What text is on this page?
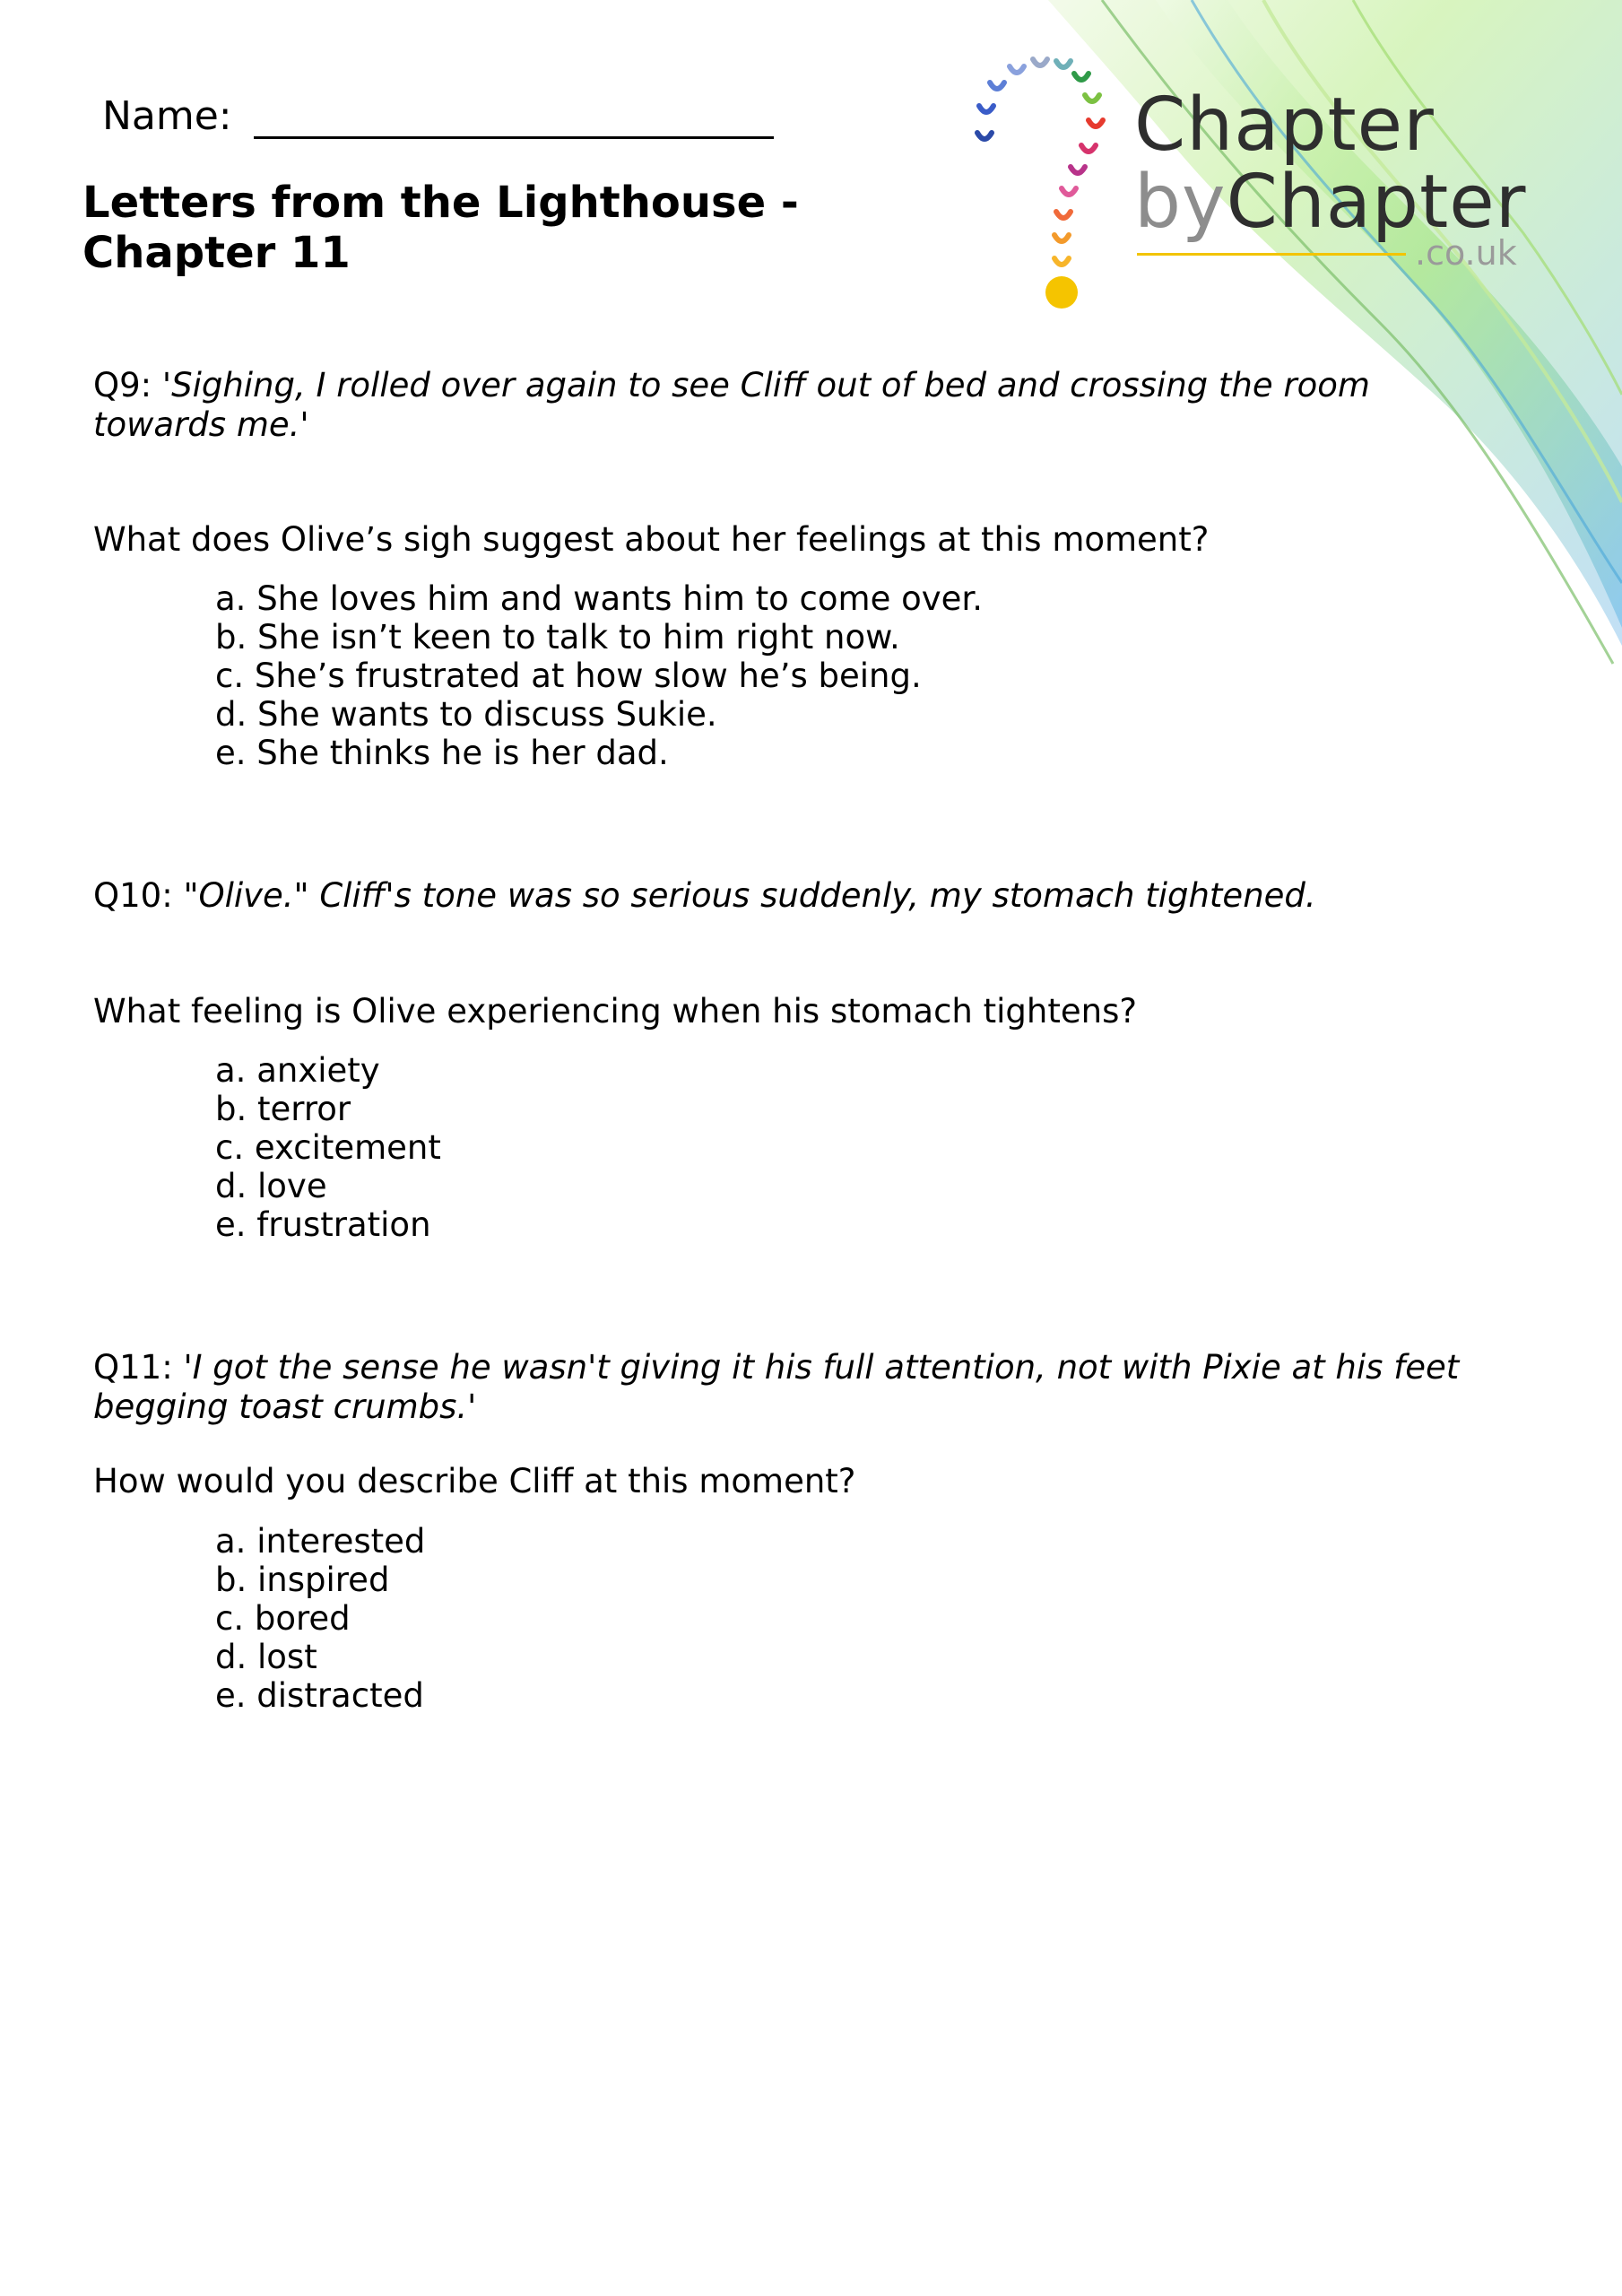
Name:
Letters from the Lighthouse -
Chapter 11
Chapter
byChapter
.co.uk
Q9: 'Sighing, I rolled over again to see Cliff out of bed and crossing the room towards me.'
What does Olive’s sigh suggest about her feelings at this moment?
a. She loves him and wants him to come over.
b. She isn’t keen to talk to him right now.
c. She’s frustrated at how slow he’s being.
d. She wants to discuss Sukie.
e. She thinks he is her dad.
Q10: "Olive." Cliff's tone was so serious suddenly, my stomach tightened.
What feeling is Olive experiencing when his stomach tightens?
a. anxiety
b. terror
c. excitement
d. love
e. frustration
Q11: 'I got the sense he wasn't giving it his full attention, not with Pixie at his feet begging toast crumbs.'
How would you describe Cliff at this moment?
a. interested
b. inspired
c. bored
d. lost
e. distracted
